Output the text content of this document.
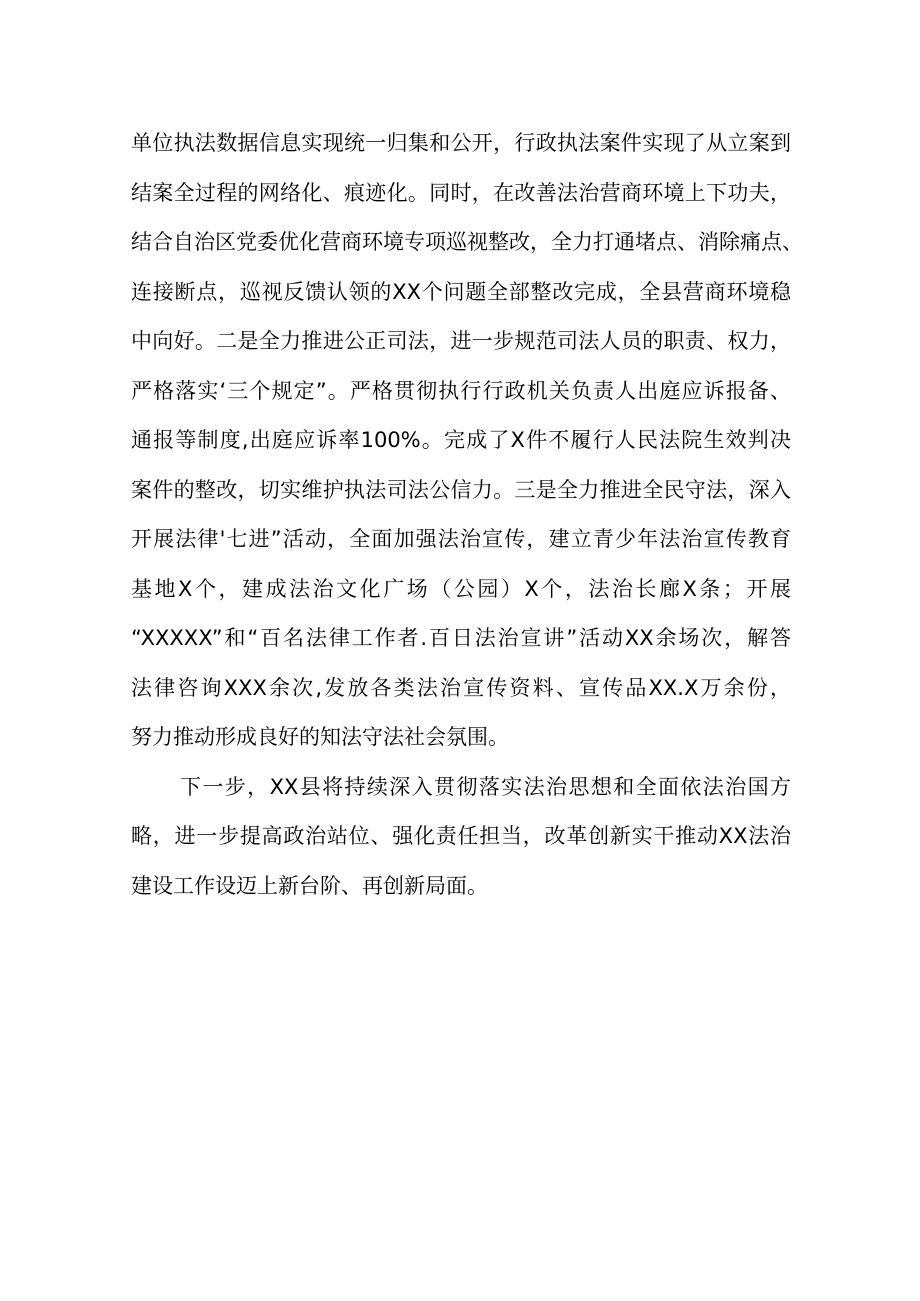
单位执法数据信息实现统一归集和公开，行政执法案件实现了从立案到
结案全过程的网络化、痕迹化。同时，在改善法治营商环境上下功夫，
结合自治区党委优化营商环境专项巡视整改，全力打通堵点、消除痛点、
连接断点，巡视反馈认领的XX个问题全部整改完成，全县营商环境稳
中向好。二是全力推进公正司法，进一步规范司法人员的职责、权力，
严格落实‘三个规定”。严格贯彻执行行政机关负责人出庭应诉报备、
通报等制度,出庭应诉率100%。完成了X件不履行人民法院生效判决
案件的整改，切实维护执法司法公信力。三是全力推进全民守法，深入
开展法律'七进”活动，全面加强法治宣传，建立青少年法治宣传教育
基地X个，建成法治文化广场（公园）X个，法治长廊X条；开展
“XXXXX”和“百名法律工作者.百日法治宣讲”活动XX余场次，解答
法律咨询XXX余次,发放各类法治宣传资料、宣传品XX.X万余份，
努力推动形成良好的知法守法社会氛围。
下一步，XX县将持续深入贯彻落实法治思想和全面依法治国方
略，进一步提高政治站位、强化责任担当，改革创新实干推动XX法治
建设工作设迈上新台阶、再创新局面。
